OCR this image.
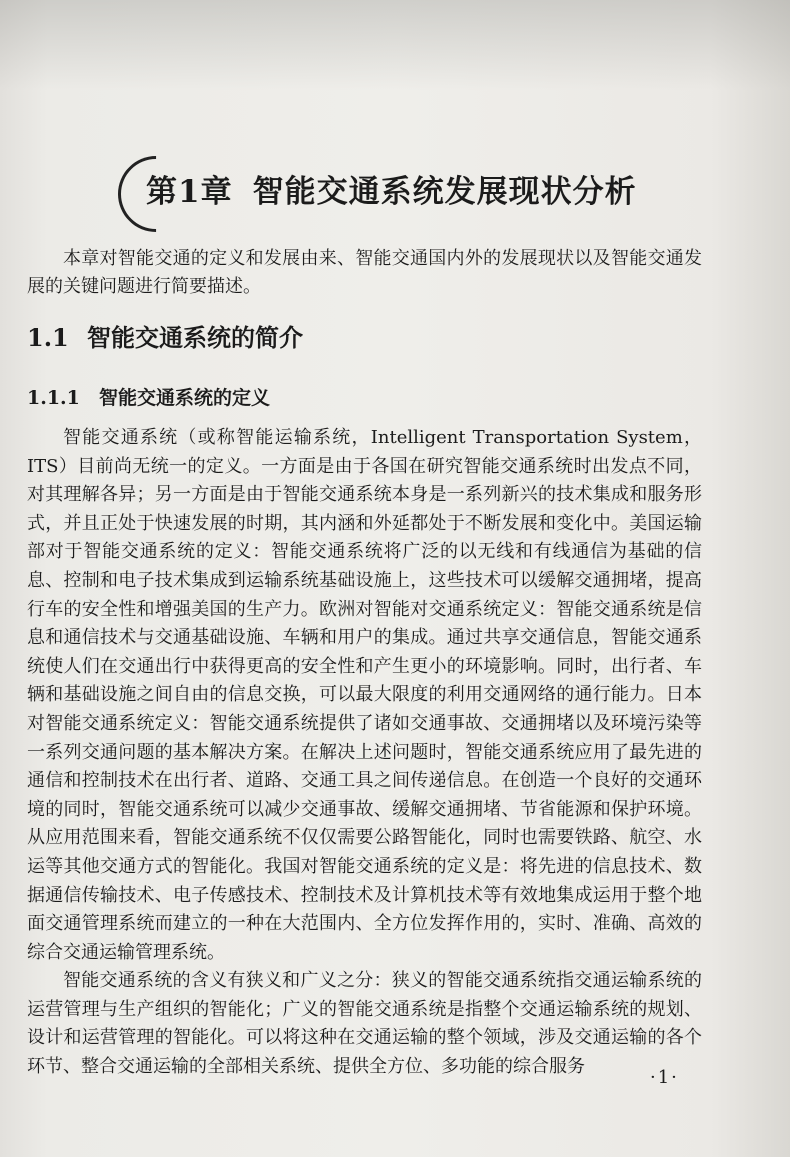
第1章 智能交通系统发展现状分析
本章对智能交通的定义和发展由来、智能交通国内外的发展现状以及智能交通发展的关键问题进行简要描述。
1.1 智能交通系统的简介
1.1.1 智能交通系统的定义

智能交通系统（或称智能运输系统，Intelligent Transportation System，ITS）目前尚无统一的定义。一方面是由于各国在研究智能交通系统时出发点不同，对其理解各异；另一方面是由于智能交通系统本身是一系列新兴的技术集成和服务形式，并且正处于快速发展的时期，其内涵和外延都处于不断发展和变化中。美国运输部对于智能交通系统的定义：智能交通系统将广泛的以无线和有线通信为基础的信息、控制和电子技术集成到运输系统基础设施上，这些技术可以缓解交通拥堵，提高行车的安全性和增强美国的生产力。欧洲对智能对交通系统定义：智能交通系统是信息和通信技术与交通基础设施、车辆和用户的集成。通过共享交通信息，智能交通系统使人们在交通出行中获得更高的安全性和产生更小的环境影响。同时，出行者、车辆和基础设施之间自由的信息交换，可以最大限度的利用交通网络的通行能力。日本对智能交通系统定义：智能交通系统提供了诸如交通事故、交通拥堵以及环境污染等一系列交通问题的基本解决方案。在解决上述问题时，智能交通系统应用了最先进的通信和控制技术在出行者、道路、交通工具之间传递信息。在创造一个良好的交通环境的同时，智能交通系统可以减少交通事故、缓解交通拥堵、节省能源和保护环境。从应用范围来看，智能交通系统不仅仅需要公路智能化，同时也需要铁路、航空、水运等其他交通方式的智能化。我国对智能交通系统的定义是：将先进的信息技术、数据通信传输技术、电子传感技术、控制技术及计算机技术等有效地集成运用于整个地面交通管理系统而建立的一种在大范围内、全方位发挥作用的，实时、准确、高效的综合交通运输管理系统。

智能交通系统的含义有狭义和广义之分：狭义的智能交通系统指交通运输系统的运营管理与生产组织的智能化；广义的智能交通系统是指整个交通运输系统的规划、设计和运营管理的智能化。可以将这种在交通运输的整个领域，涉及交通运输的各个环节、整合交通运输的全部相关系统、提供全方位、多功能的综合服务

·1·
